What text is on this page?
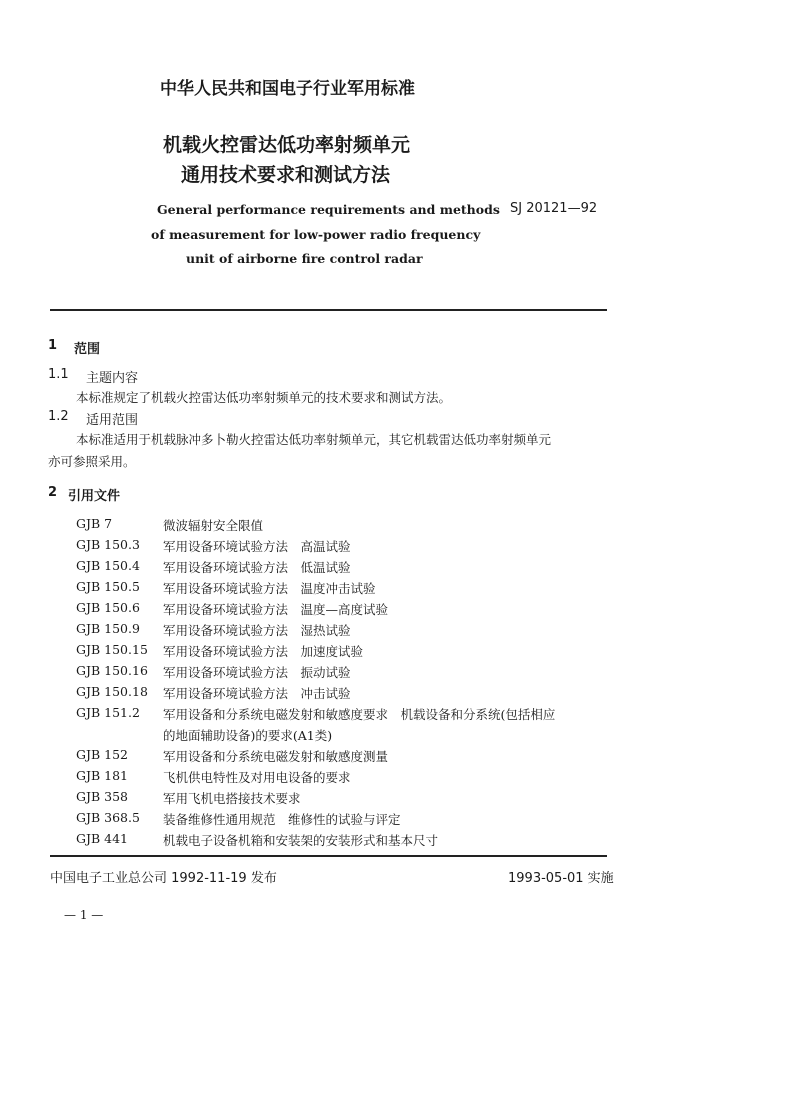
中华人民共和国电子行业军用标准
机载火控雷达低功率射频单元
通用技术要求和测试方法
General performance requirements and methods
of measurement for low-power radio frequency
unit of airborne fire control radar
SJ 20121—92
1 范围
1.1 主题内容
本标准规定了机载火控雷达低功率射频单元的技术要求和测试方法。
1.2 适用范围
本标准适用于机载脉冲多卜勒火控雷达低功率射频单元，其它机载雷达低功率射频单元
亦可参照采用。
2 引用文件
GJB 7	微波辐射安全限值
GJB 150.3 军用设备环境试验方法　高温试验
GJB 150.4 军用设备环境试验方法　低温试验
GJB 150.5 军用设备环境试验方法　温度冲击试验
GJB 150.6 军用设备环境试验方法　温度—高度试验
GJB 150.9 军用设备环境试验方法　湿热试验
GJB 150.15 军用设备环境试验方法　加速度试验
GJB 150.16 军用设备环境试验方法　振动试验
GJB 150.18 军用设备环境试验方法　冲击试验
GJB 151.2 军用设备和分系统电磁发射和敏感度要求　机载设备和分系统(包括相应
的地面辅助设备)的要求(A1类)
GJB 152	军用设备和分系统电磁发射和敏感度测量
GJB 181	飞机供电特性及对用电设备的要求
GJB 358	军用飞机电搭接技术要求
GJB 368.5 装备维修性通用规范　维修性的试验与评定
GJB 441	机载电子设备机箱和安装架的安装形式和基本尺寸
中国电子工业总公司 1992-11-19 发布	1993-05-01 实施
— 1 —
